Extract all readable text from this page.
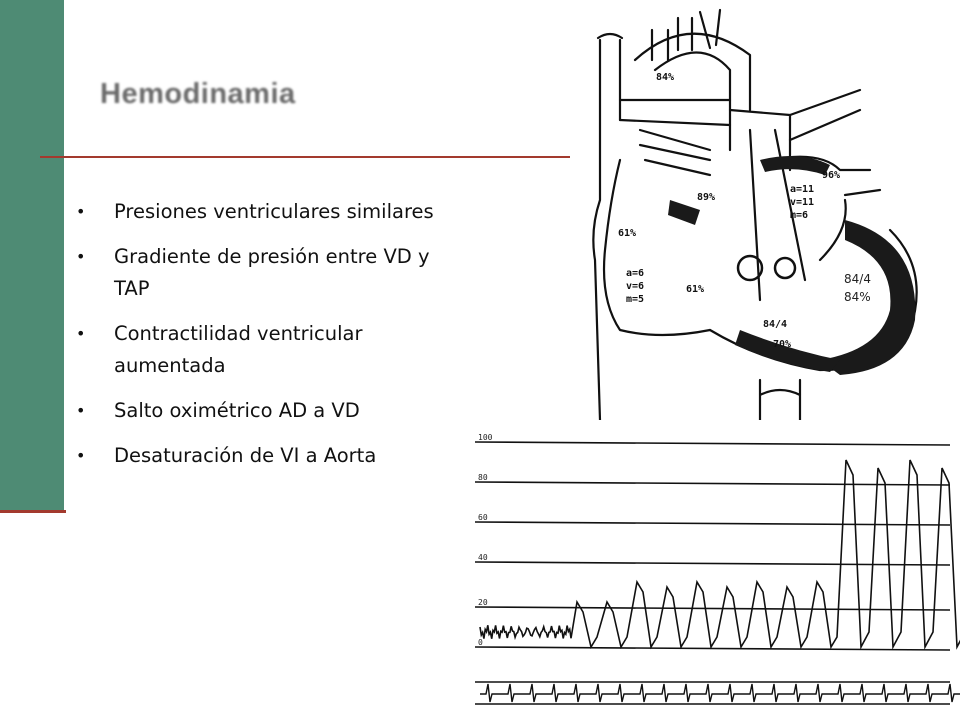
Hemodinamia
• Presiones ventriculares similares
• Gradiente de presión entre VD y TAP
• Contractilidad ventricular aumentada
• Salto oximétrico AD a VD
• Desaturación de VI a Aorta
84%
96%
89%
61%
a=11
v=11
m=6
a=6
v=6
m=5
61%
84/4
70%
84/4
84%
100
80
60
40
20
0
